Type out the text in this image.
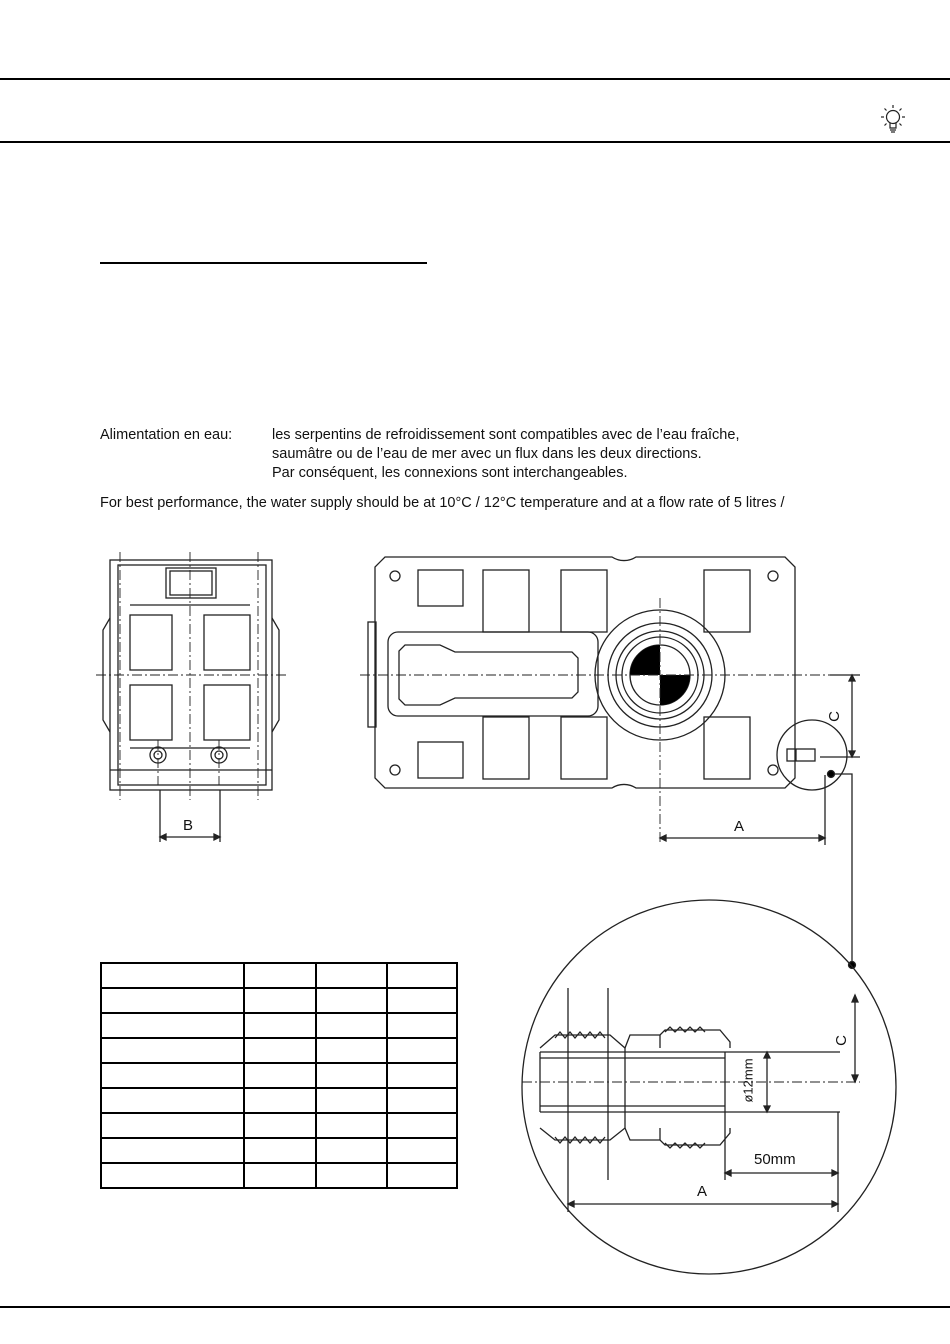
Alimentation en eau:	les serpentins de refroidissement sont compatibles avec de l’eau fraîche,
saumâtre ou de l’eau de mer avec un flux dans les deux directions.
Par conséquent, les connexions sont interchangeables.
For best performance, the water supply should be at 10°C / 12°C temperature and at a flow rate of 5 litres /
B	A
C
C
ø12mm
50mm
A
